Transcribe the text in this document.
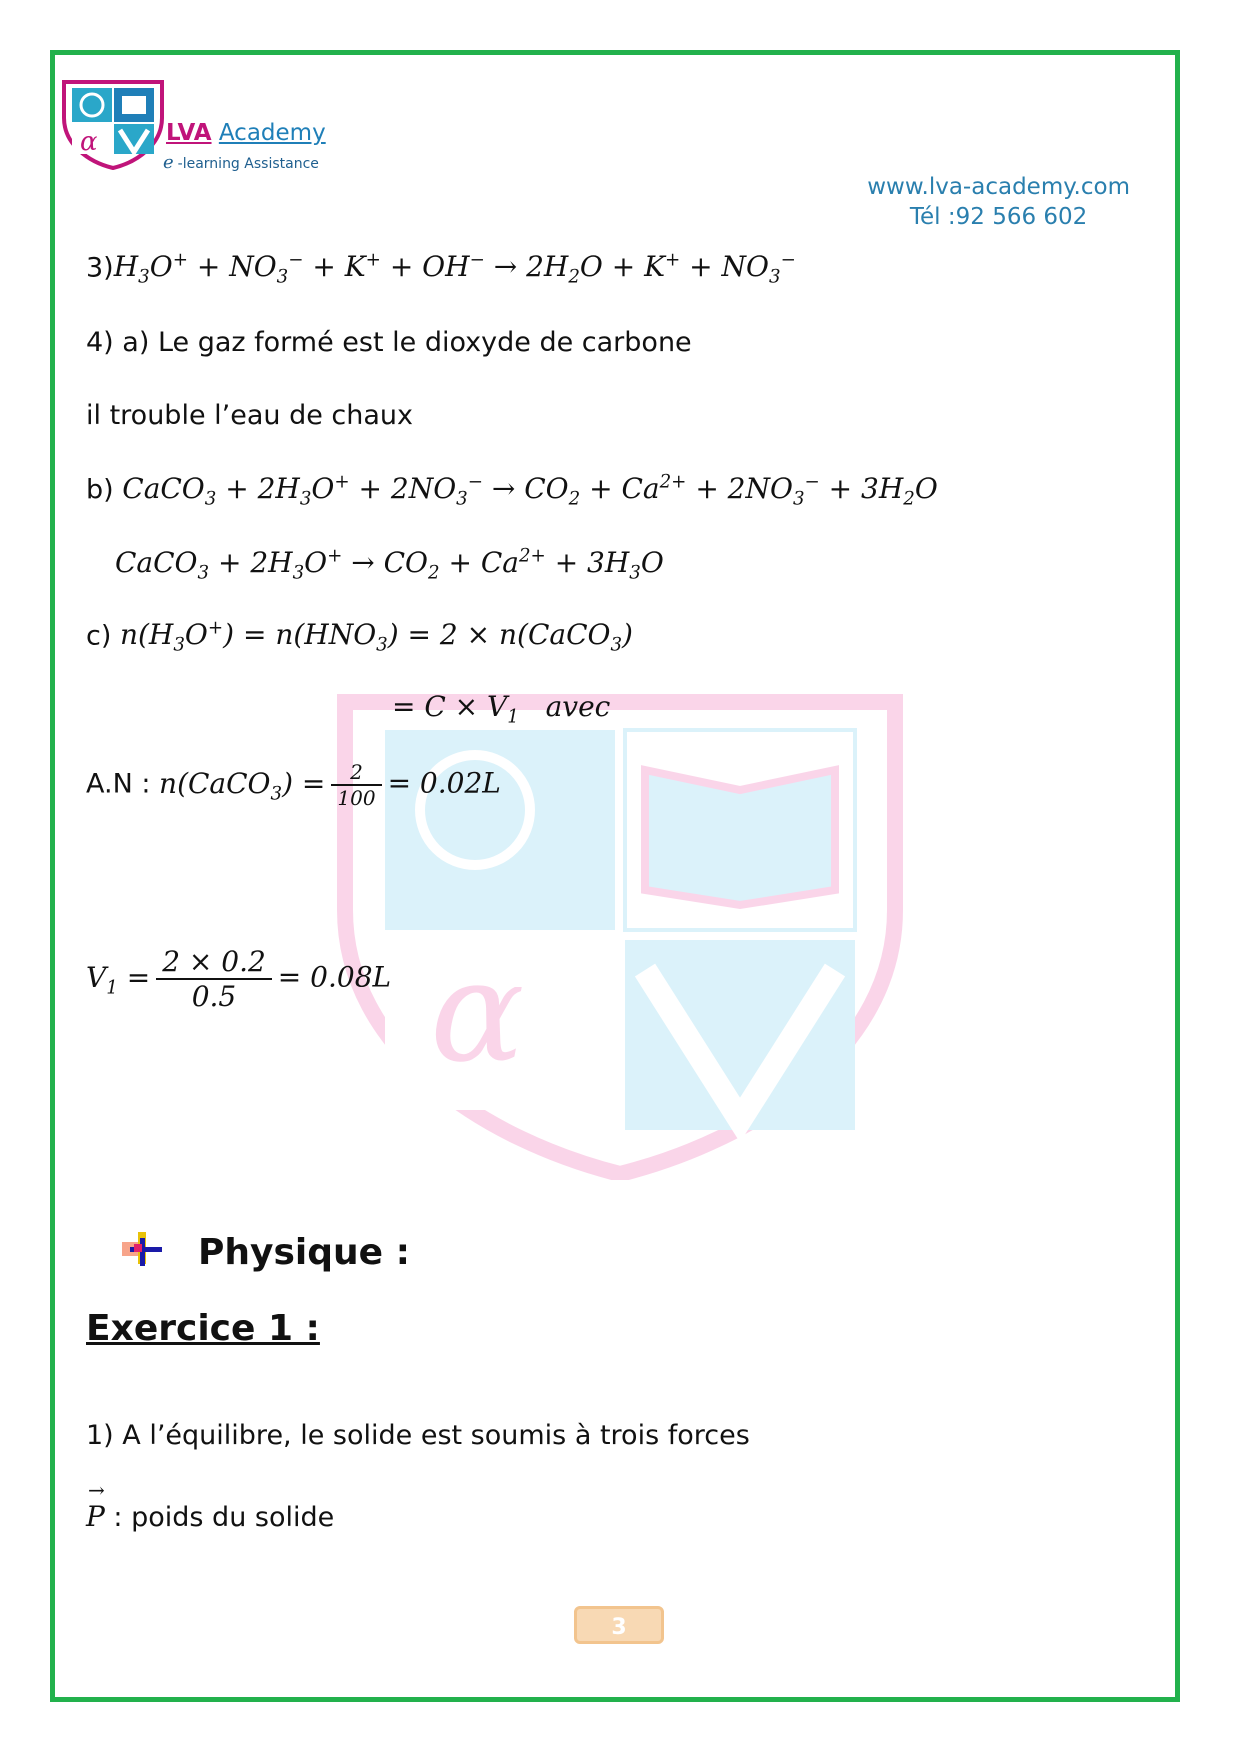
α	LVA Academy
e -learning Assistance
www.lva-academy.com
Tél :92 566 602
α
$3)H_3O^+ + NO_3^- + K^+ + OH^- \to 2H_2O + K^+ + NO_3^-$
4) a) Le gaz formé est le dioxyde de carbone
il trouble l’eau de chaux
b) CaCO$_3$ + $2H_3O^+ + 2NO_3^- \to CO_2 + Ca^{2+} + 2NO_3^- + 3H_2O$
CaCO$_3$ + $2H_3O^+ \to CO_2 + Ca^{2+} + 3H_3O$
c) $n(H_3O^+) = n(HNO_3) = 2$ × n(CaCO$_3$)
= $C \times V_1$ avec
A.N : n(CaCO$_3$) = $\frac{2}{100} = 0.02L$
$V_1 = \frac{2 \times 0.2}{0.5} = 0.08L$
Physique :
Exercice 1 :
1) A l’équilibre, le solide est soumis à trois forces
→ P : poids du solide
3
